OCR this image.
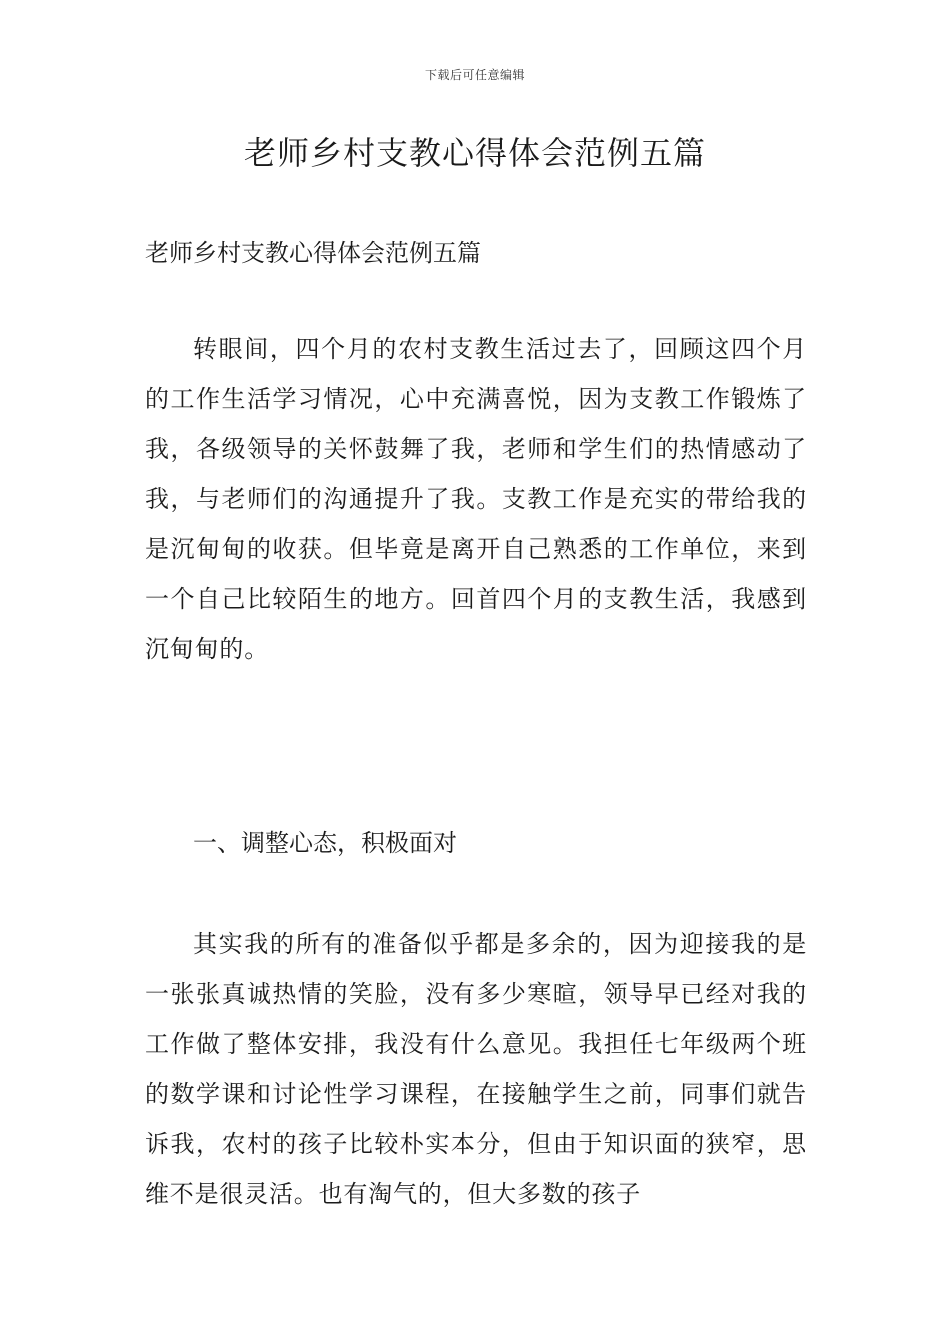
下载后可任意编辑
老师乡村支教心得体会范例五篇

老师乡村支教心得体会范例五篇

转眼间，四个月的农村支教生活过去了，回顾这四个月的工作生活学习情况，心中充满喜悦，因为支教工作锻炼了我，各级领导的关怀鼓舞了我，老师和学生们的热情感动了我，与老师们的沟通提升了我。支教工作是充实的带给我的是沉甸甸的收获。但毕竟是离开自己熟悉的工作单位，来到一个自己比较陌生的地方。回首四个月的支教生活，我感到沉甸甸的。

一、调整心态，积极面对

其实我的所有的准备似乎都是多余的，因为迎接我的是一张张真诚热情的笑脸，没有多少寒暄，领导早已经对我的工作做了整体安排，我没有什么意见。我担任七年级两个班的数学课和讨论性学习课程，在接触学生之前，同事们就告诉我，农村的孩子比较朴实本分，但由于知识面的狭窄，思维不是很灵活。也有淘气的，但大多数的孩子
